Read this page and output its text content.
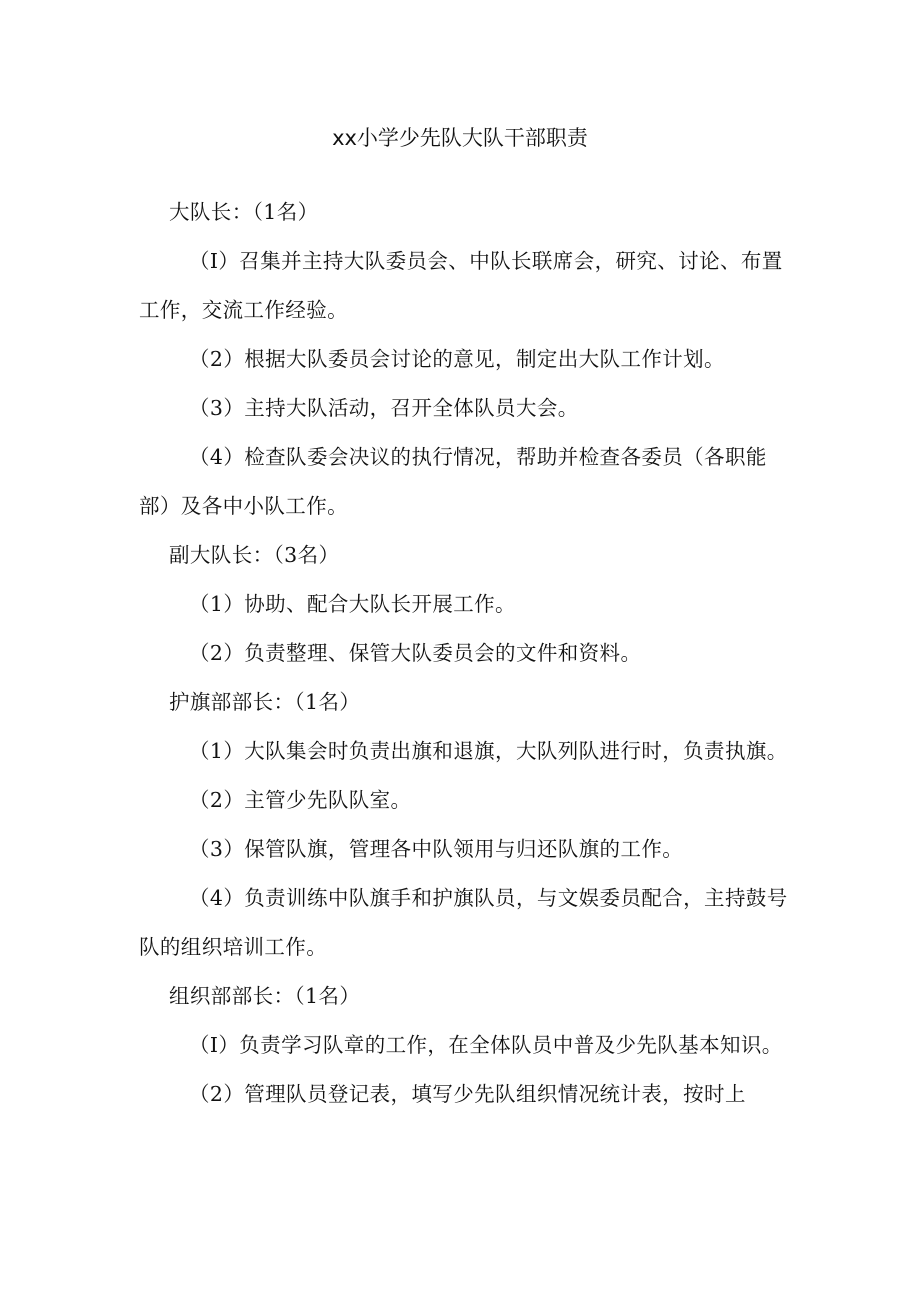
xx小学少先队大队干部职责

大队长：（1名）

（I）召集并主持大队委员会、中队长联席会，研究、讨论、布置工作，交流工作经验。

（2）根据大队委员会讨论的意见，制定出大队工作计划。

（3）主持大队活动，召开全体队员大会。

（4）检查队委会决议的执行情况，帮助并检查各委员（各职能部）及各中小队工作。

副大队长：（3名）

（1）协助、配合大队长开展工作。

（2）负责整理、保管大队委员会的文件和资料。

护旗部部长：（1名）

（1）大队集会时负责出旗和退旗，大队列队进行时，负责执旗。

（2）主管少先队队室。

（3）保管队旗，管理各中队领用与归还队旗的工作。

（4）负责训练中队旗手和护旗队员，与文娱委员配合，主持鼓号队的组织培训工作。

组织部部长：（1名）

（I）负责学习队章的工作，在全体队员中普及少先队基本知识。

（2）管理队员登记表，填写少先队组织情况统计表，按时上
